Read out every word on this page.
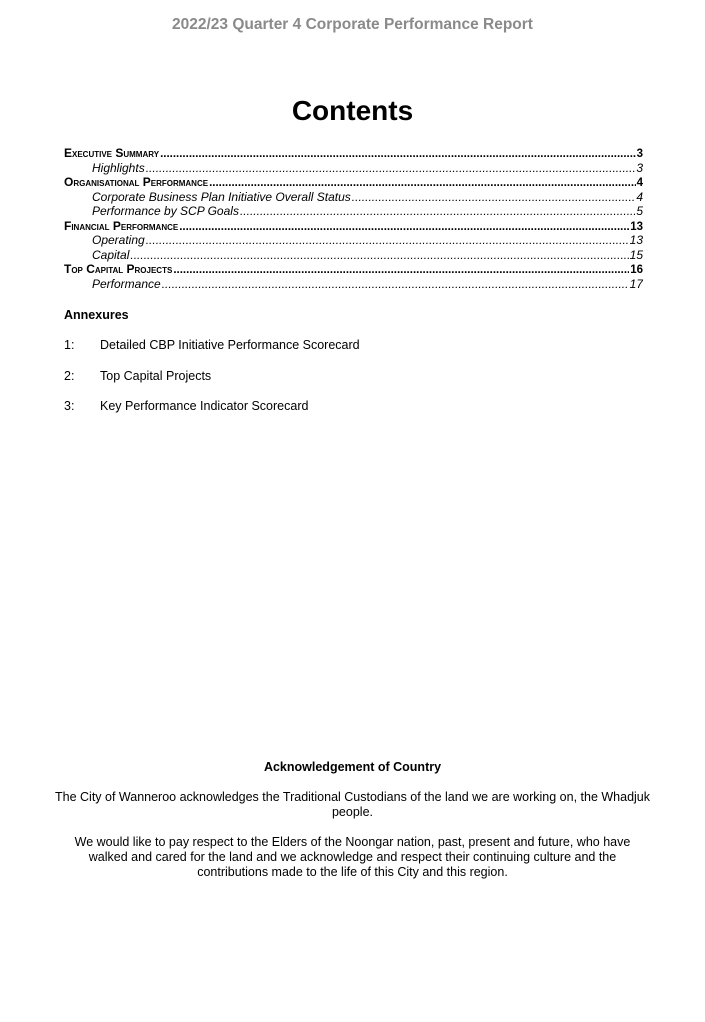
2022/23 Quarter 4 Corporate Performance Report
Contents
Executive Summary .....	3
Highlights .....	3
Organisational Performance .....	4
Corporate Business Plan Initiative Overall Status .....	4
Performance by SCP Goals .....	5
Financial Performance .....	13
Operating .....	13
Capital .....	15
Top Capital Projects .....	16
Performance .....	17
Annexures
1:	Detailed CBP Initiative Performance Scorecard
2:	Top Capital Projects
3:	Key Performance Indicator Scorecard
Acknowledgement of Country

The City of Wanneroo acknowledges the Traditional Custodians of the land we are working on, the Whadjuk people.

We would like to pay respect to the Elders of the Noongar nation, past, present and future, who have walked and cared for the land and we acknowledge and respect their continuing culture and the contributions made to the life of this City and this region.
